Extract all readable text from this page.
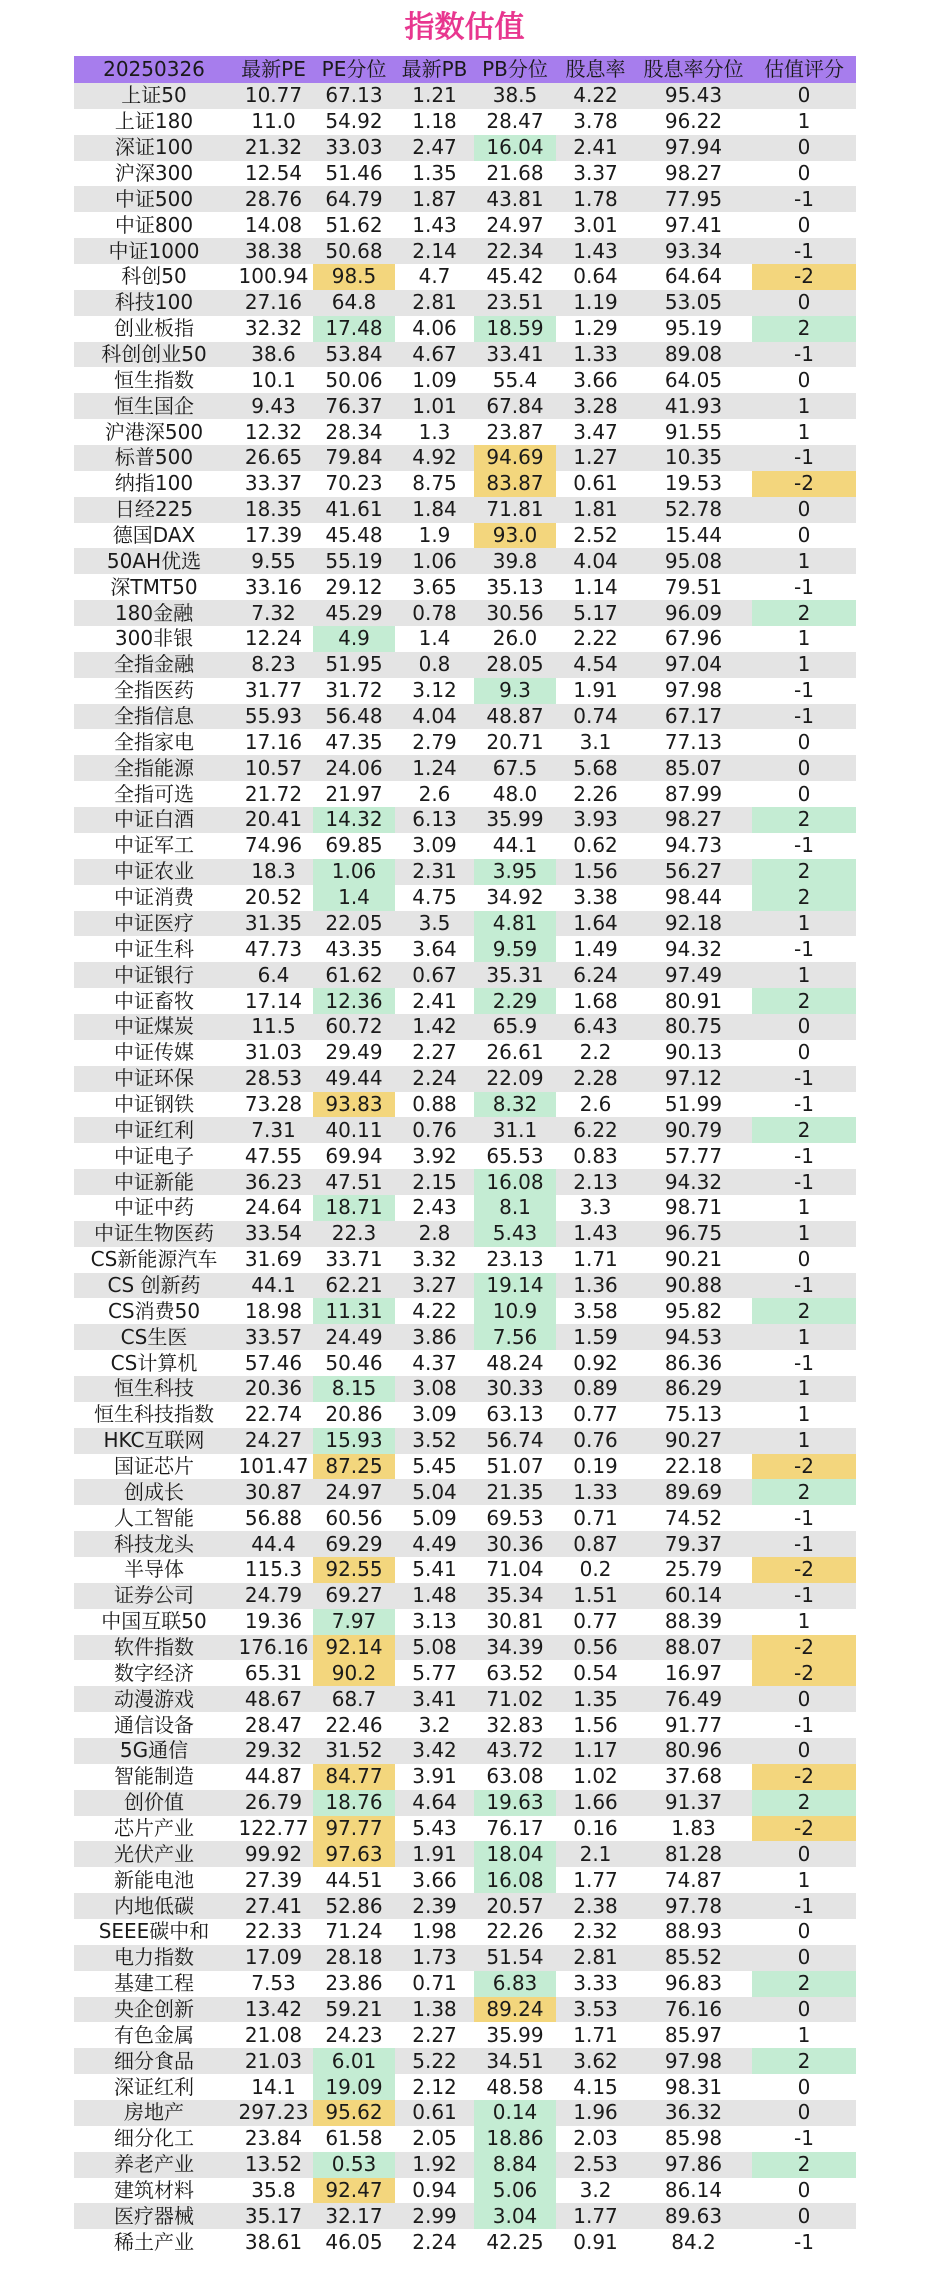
指数估值
20250326	最新PE	PE分位	最新PB	PB分位	股息率	股息率分位	估值评分
上证50	10.77	67.13	1.21	38.5	4.22	95.43	0
上证180	11.0	54.92	1.18	28.47	3.78	96.22	1
深证100	21.32	33.03	2.47	16.04	2.41	97.94	0
沪深300	12.54	51.46	1.35	21.68	3.37	98.27	0
中证500	28.76	64.79	1.87	43.81	1.78	77.95	-1
中证800	14.08	51.62	1.43	24.97	3.01	97.41	0
中证1000	38.38	50.68	2.14	22.34	1.43	93.34	-1
科创50	100.94	98.5	4.7	45.42	0.64	64.64	-2
科技100	27.16	64.8	2.81	23.51	1.19	53.05	0
创业板指	32.32	17.48	4.06	18.59	1.29	95.19	2
科创创业50	38.6	53.84	4.67	33.41	1.33	89.08	-1
恒生指数	10.1	50.06	1.09	55.4	3.66	64.05	0
恒生国企	9.43	76.37	1.01	67.84	3.28	41.93	1
沪港深500	12.32	28.34	1.3	23.87	3.47	91.55	1
标普500	26.65	79.84	4.92	94.69	1.27	10.35	-1
纳指100	33.37	70.23	8.75	83.87	0.61	19.53	-2
日经225	18.35	41.61	1.84	71.81	1.81	52.78	0
德国DAX	17.39	45.48	1.9	93.0	2.52	15.44	0
50AH优选	9.55	55.19	1.06	39.8	4.04	95.08	1
深TMT50	33.16	29.12	3.65	35.13	1.14	79.51	-1
180金融	7.32	45.29	0.78	30.56	5.17	96.09	2
300非银	12.24	4.9	1.4	26.0	2.22	67.96	1
全指金融	8.23	51.95	0.8	28.05	4.54	97.04	1
全指医药	31.77	31.72	3.12	9.3	1.91	97.98	-1
全指信息	55.93	56.48	4.04	48.87	0.74	67.17	-1
全指家电	17.16	47.35	2.79	20.71	3.1	77.13	0
全指能源	10.57	24.06	1.24	67.5	5.68	85.07	0
全指可选	21.72	21.97	2.6	48.0	2.26	87.99	0
中证白酒	20.41	14.32	6.13	35.99	3.93	98.27	2
中证军工	74.96	69.85	3.09	44.1	0.62	94.73	-1
中证农业	18.3	1.06	2.31	3.95	1.56	56.27	2
中证消费	20.52	1.4	4.75	34.92	3.38	98.44	2
中证医疗	31.35	22.05	3.5	4.81	1.64	92.18	1
中证生科	47.73	43.35	3.64	9.59	1.49	94.32	-1
中证银行	6.4	61.62	0.67	35.31	6.24	97.49	1
中证畜牧	17.14	12.36	2.41	2.29	1.68	80.91	2
中证煤炭	11.5	60.72	1.42	65.9	6.43	80.75	0
中证传媒	31.03	29.49	2.27	26.61	2.2	90.13	0
中证环保	28.53	49.44	2.24	22.09	2.28	97.12	-1
中证钢铁	73.28	93.83	0.88	8.32	2.6	51.99	-1
中证红利	7.31	40.11	0.76	31.1	6.22	90.79	2
中证电子	47.55	69.94	3.92	65.53	0.83	57.77	-1
中证新能	36.23	47.51	2.15	16.08	2.13	94.32	-1
中证中药	24.64	18.71	2.43	8.1	3.3	98.71	1
中证生物医药	33.54	22.3	2.8	5.43	1.43	96.75	1
CS新能源汽车	31.69	33.71	3.32	23.13	1.71	90.21	0
CS 创新药	44.1	62.21	3.27	19.14	1.36	90.88	-1
CS消费50	18.98	11.31	4.22	10.9	3.58	95.82	2
CS生医	33.57	24.49	3.86	7.56	1.59	94.53	1
CS计算机	57.46	50.46	4.37	48.24	0.92	86.36	-1
恒生科技	20.36	8.15	3.08	30.33	0.89	86.29	1
恒生科技指数	22.74	20.86	3.09	63.13	0.77	75.13	1
HKC互联网	24.27	15.93	3.52	56.74	0.76	90.27	1
国证芯片	101.47	87.25	5.45	51.07	0.19	22.18	-2
创成长	30.87	24.97	5.04	21.35	1.33	89.69	2
人工智能	56.88	60.56	5.09	69.53	0.71	74.52	-1
科技龙头	44.4	69.29	4.49	30.36	0.87	79.37	-1
半导体	115.3	92.55	5.41	71.04	0.2	25.79	-2
证券公司	24.79	69.27	1.48	35.34	1.51	60.14	-1
中国互联50	19.36	7.97	3.13	30.81	0.77	88.39	1
软件指数	176.16	92.14	5.08	34.39	0.56	88.07	-2
数字经济	65.31	90.2	5.77	63.52	0.54	16.97	-2
动漫游戏	48.67	68.7	3.41	71.02	1.35	76.49	0
通信设备	28.47	22.46	3.2	32.83	1.56	91.77	-1
5G通信	29.32	31.52	3.42	43.72	1.17	80.96	0
智能制造	44.87	84.77	3.91	63.08	1.02	37.68	-2
创价值	26.79	18.76	4.64	19.63	1.66	91.37	2
芯片产业	122.77	97.77	5.43	76.17	0.16	1.83	-2
光伏产业	99.92	97.63	1.91	18.04	2.1	81.28	0
新能电池	27.39	44.51	3.66	16.08	1.77	74.87	1
内地低碳	27.41	52.86	2.39	20.57	2.38	97.78	-1
SEEE碳中和	22.33	71.24	1.98	22.26	2.32	88.93	0
电力指数	17.09	28.18	1.73	51.54	2.81	85.52	0
基建工程	7.53	23.86	0.71	6.83	3.33	96.83	2
央企创新	13.42	59.21	1.38	89.24	3.53	76.16	0
有色金属	21.08	24.23	2.27	35.99	1.71	85.97	1
细分食品	21.03	6.01	5.22	34.51	3.62	97.98	2
深证红利	14.1	19.09	2.12	48.58	4.15	98.31	0
房地产	297.23	95.62	0.61	0.14	1.96	36.32	0
细分化工	23.84	61.58	2.05	18.86	2.03	85.98	-1
养老产业	13.52	0.53	1.92	8.84	2.53	97.86	2
建筑材料	35.8	92.47	0.94	5.06	3.2	86.14	0
医疗器械	35.17	32.17	2.99	3.04	1.77	89.63	0
稀土产业	38.61	46.05	2.24	42.25	0.91	84.2	-1
